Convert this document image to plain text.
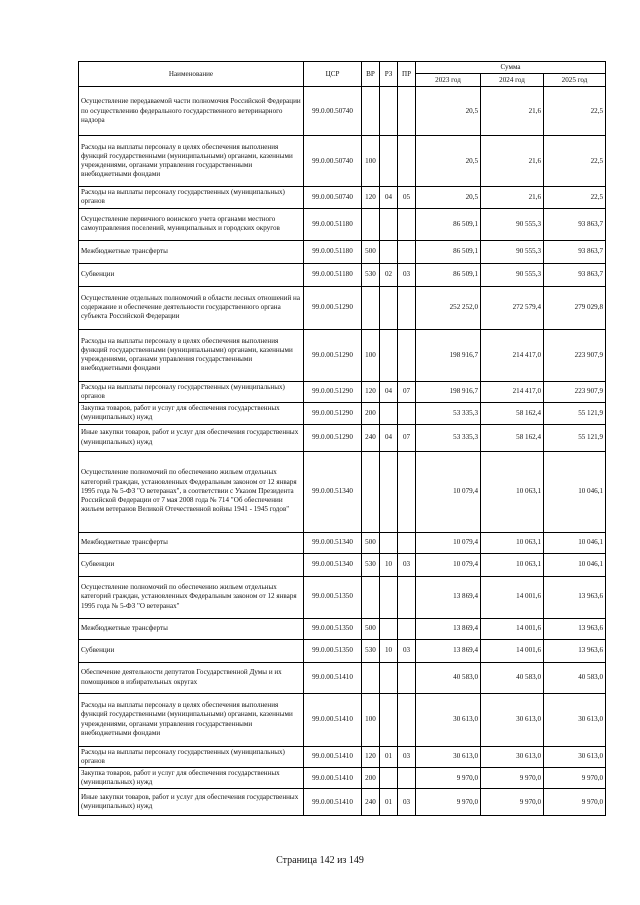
Наименование	ЦСР	ВР	РЗ	ПР	Сумма		
					2023 год	2024 год	2025 год
Осуществление передаваемой части полномочия Российской Федерации по осуществлению федерального государственного ветеринарного надзора	99.0.00.50740				20,5	21,6	22,5
Расходы на выплаты персоналу в целях обеспечения выполнения функций государственными (муниципальными) органами, казенными учреждениями, органами управления государственными внебюджетными фондами	99.0.00.50740	100			20,5	21,6	22,5
Расходы на выплаты персоналу государственных (муниципальных) органов	99.0.00.50740	120	04	05	20,5	21,6	22,5
Осуществление первичного воинского учета органами местного самоуправления поселений, муниципальных и городских округов	99.0.00.51180				86 509,1	90 555,3	93 863,7
Межбюджетные трансферты	99.0.00.51180	500			86 509,1	90 555,3	93 863,7
Субвенции	99.0.00.51180	530	02	03	86 509,1	90 555,3	93 863,7
Осуществление отдельных полномочий в области лесных отношений на содержание и обеспечение деятельности государственного органа субъекта Российской Федерации	99.0.00.51290				252 252,0	272 579,4	279 029,8
Расходы на выплаты персоналу в целях обеспечения выполнения функций государственными (муниципальными) органами, казенными учреждениями, органами управления государственными внебюджетными фондами	99.0.00.51290	100			198 916,7	214 417,0	223 907,9
Расходы на выплаты персоналу государственных (муниципальных) органов	99.0.00.51290	120	04	07	198 916,7	214 417,0	223 907,9
Закупка товаров, работ и услуг для обеспечения государственных (муниципальных) нужд	99.0.00.51290	200			53 335,3	58 162,4	55 121,9
Иные закупки товаров, работ и услуг для обеспечения государственных (муниципальных) нужд	99.0.00.51290	240	04	07	53 335,3	58 162,4	55 121,9
Осуществление полномочий по обеспечению жильем отдельных категорий граждан, установленных Федеральным законом от 12 января 1995 года № 5-ФЗ "О ветеранах", в соответствии с Указом Президента Российской Федерации от 7 мая 2008 года № 714 "Об обеспечении жильем ветеранов Великой Отечественной войны 1941 - 1945 годов"	99.0.00.51340				10 079,4	10 063,1	10 046,1
Межбюджетные трансферты	99.0.00.51340	500			10 079,4	10 063,1	10 046,1
Субвенции	99.0.00.51340	530	10	03	10 079,4	10 063,1	10 046,1
Осуществление полномочий по обеспечению жильем отдельных категорий граждан, установленных Федеральным законом от 12 января 1995 года № 5-ФЗ "О ветеранах"	99.0.00.51350				13 869,4	14 001,6	13 963,6
Межбюджетные трансферты	99.0.00.51350	500			13 869,4	14 001,6	13 963,6
Субвенции	99.0.00.51350	530	10	03	13 869,4	14 001,6	13 963,6
Обеспечение деятельности депутатов Государственной Думы и их помощников в избирательных округах	99.0.00.51410				40 583,0	40 583,0	40 583,0
Расходы на выплаты персоналу в целях обеспечения выполнения функций государственными (муниципальными) органами, казенными учреждениями, органами управления государственными внебюджетными фондами	99.0.00.51410	100			30 613,0	30 613,0	30 613,0
Расходы на выплаты персоналу государственных (муниципальных) органов	99.0.00.51410	120	01	03	30 613,0	30 613,0	30 613,0
Закупка товаров, работ и услуг для обеспечения государственных (муниципальных) нужд	99.0.00.51410	200			9 970,0	9 970,0	9 970,0
Иные закупки товаров, работ и услуг для обеспечения государственных (муниципальных) нужд	99.0.00.51410	240	01	03	9 970,0	9 970,0	9 970,0
Страница 142 из 149
